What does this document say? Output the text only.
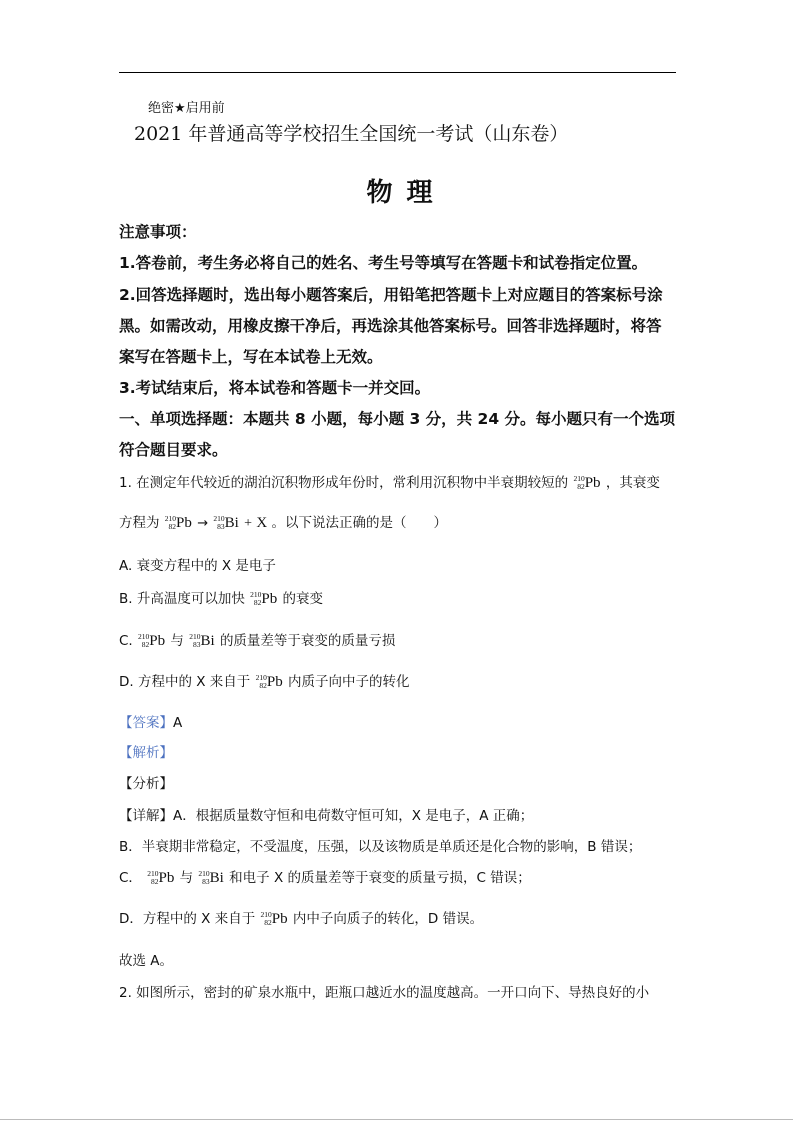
绝密★启用前
2021 年普通高等学校招生全国统一考试（山东卷）
物理
注意事项：
1.答卷前，考生务必将自己的姓名、考生号等填写在答题卡和试卷指定位置。
2.回答选择题时，选出每小题答案后，用铅笔把答题卡上对应题目的答案标号涂
黑。如需改动，用橡皮擦干净后，再选涂其他答案标号。回答非选择题时，将答
案写在答题卡上，写在本试卷上无效。
3.考试结束后，将本试卷和答题卡一并交回。
一、单项选择题：本题共 8 小题，每小题 3 分，共 24 分。每小题只有一个选项
符合题目要求。
1. 在测定年代较近的湖泊沉积物形成年份时，常利用沉积物中半衰期较短的 210
82 Pb ，其衰变
方程为 210
82 Pb → 210
83 Bi + X 。以下说法正确的是（　　）
A. 衰变方程中的 X 是电子
B. 升高温度可以加快 210
82 Pb 的衰变
C. 210
82 Pb 与 210
83 Bi 的质量差等于衰变的质量亏损
D. 方程中的 X 来自于 210
82 Pb 内质子向中子的转化
【答案】A
【解析】
【分析】
【详解】A．根据质量数守恒和电荷数守恒可知，X 是电子，A 正确；
B．半衰期非常稳定，不受温度，压强，以及该物质是单质还是化合物的影响，B 错误；
C． 210
82 Pb 与 210
83 Bi 和电子 X 的质量差等于衰变的质量亏损，C 错误；
D．方程中的 X 来自于 210
82 Pb 内中子向质子的转化，D 错误。
故选 A。
2. 如图所示，密封的矿泉水瓶中，距瓶口越近水的温度越高。一开口向下、导热良好的小
